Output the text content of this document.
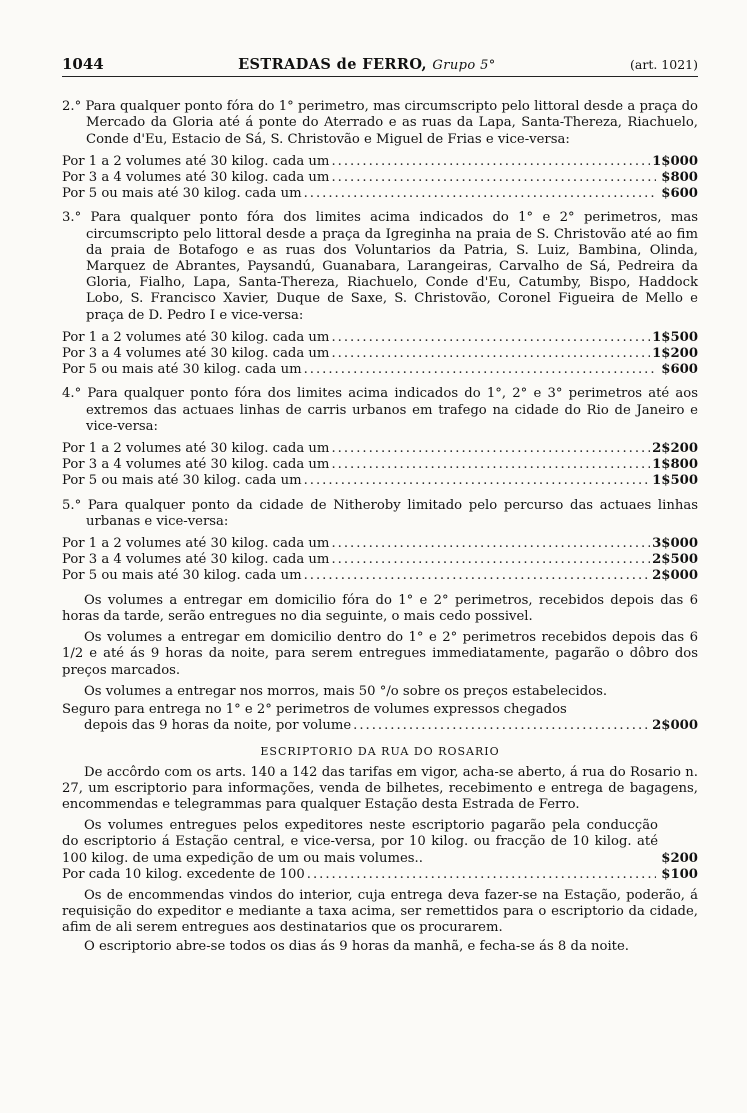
1044	ESTRADAS de FERRO, Grupo 5°	(art. 1021)

2.° Para qualquer ponto fóra do 1° perimetro, mas circumscripto pelo littoral desde a praça do Mercado da Gloria até á ponte do Aterrado e as ruas da Lapa, Santa-Thereza, Riachuelo, Conde d'Eu, Estacio de Sá, S. Christovão e Miguel de Frias e vice-versa:

Por 1 a 2 volumes até 30 kilog. cada um .....	1$000
Por 3 a 4 volumes até 30 kilog. cada um .....	$800
Por 5 ou mais até 30 kilog. cada um .....	$600

3.° Para qualquer ponto fóra dos limites acima indicados do 1° e 2° perimetros, mas circumscripto pelo littoral desde a praça da Igreginha na praia de S. Christovão até ao fim da praia de Botafogo e as ruas dos Voluntarios da Patria, S. Luiz, Bambina, Olinda, Marquez de Abrantes, Paysandú, Guanabara, Larangeiras, Carvalho de Sá, Pedreira da Gloria, Fialho, Lapa, Santa-Thereza, Riachuelo, Conde d'Eu, Catumby, Bispo, Haddock Lobo, S. Francisco Xavier, Duque de Saxe, S. Christovão, Coronel Figueira de Mello e praça de D. Pedro I e vice-versa:

Por 1 a 2 volumes até 30 kilog. cada um .....	1$500
Por 3 a 4 volumes até 30 kilog. cada um .....	1$200
Por 5 ou mais até 30 kilog. cada um .....	$600

4.° Para qualquer ponto fóra dos limites acima indicados do 1°, 2° e 3° perimetros até aos extremos das actuaes linhas de carris urbanos em trafego na cidade do Rio de Janeiro e vice-versa:

Por 1 a 2 volumes até 30 kilog. cada um .....	2$200
Por 3 a 4 volumes até 30 kilog. cada um .....	1$800
Por 5 ou mais até 30 kilog. cada um .....	1$500

5.° Para qualquer ponto da cidade de Nitheroby limitado pelo percurso das actuaes linhas urbanas e vice-versa:

Por 1 a 2 volumes até 30 kilog. cada um .....	3$000
Por 3 a 4 volumes até 30 kilog. cada um .....	2$500
Por 5 ou mais até 30 kilog. cada um .....	2$000

Os volumes a entregar em domicilio fóra do 1° e 2° perimetros, recebidos depois das 6 horas da tarde, serão entregues no dia seguinte, o mais cedo possivel.

Os volumes a entregar em domicilio dentro do 1° e 2° perimetros recebidos depois das 6 1/2 e até ás 9 horas da noite, para serem entregues immediatamente, pagarão o dôbro dos preços marcados.

Os volumes a entregar nos morros, mais 50 °/o sobre os preços estabelecidos.

Seguro para entrega no 1° e 2° perimetros de volumes expressos chegados

depois das 9 horas da noite, por volume .....	2$000
ESCRIPTORIO DA RUA DO ROSARIO

De accôrdo com os arts. 140 a 142 das tarifas em vigor, acha-se aberto, á rua do Rosario n. 27, um escriptorio para informações, venda de bilhetes, recebimento e entrega de bagagens, encommendas e telegrammas para qualquer Estação desta Estrada de Ferro.

Os volumes entregues pelos expeditores neste escriptorio pagarão pela conducção do escriptorio á Estação central, e vice-versa, por 10 kilog. ou fracção de 10 kilog. até 100 kilog. de uma expedição de um ou mais volumes..	$200
Por cada 10 kilog. excedente de 100 .....	$100

Os de encommendas vindos do interior, cuja entrega deva fazer-se na Estação, poderão, á requisição do expeditor e mediante a taxa acima, ser remettidos para o escriptorio da cidade, afim de ali serem entregues aos destinatarios que os procurarem.

O escriptorio abre-se todos os dias ás 9 horas da manhã, e fecha-se ás 8 da noite.
